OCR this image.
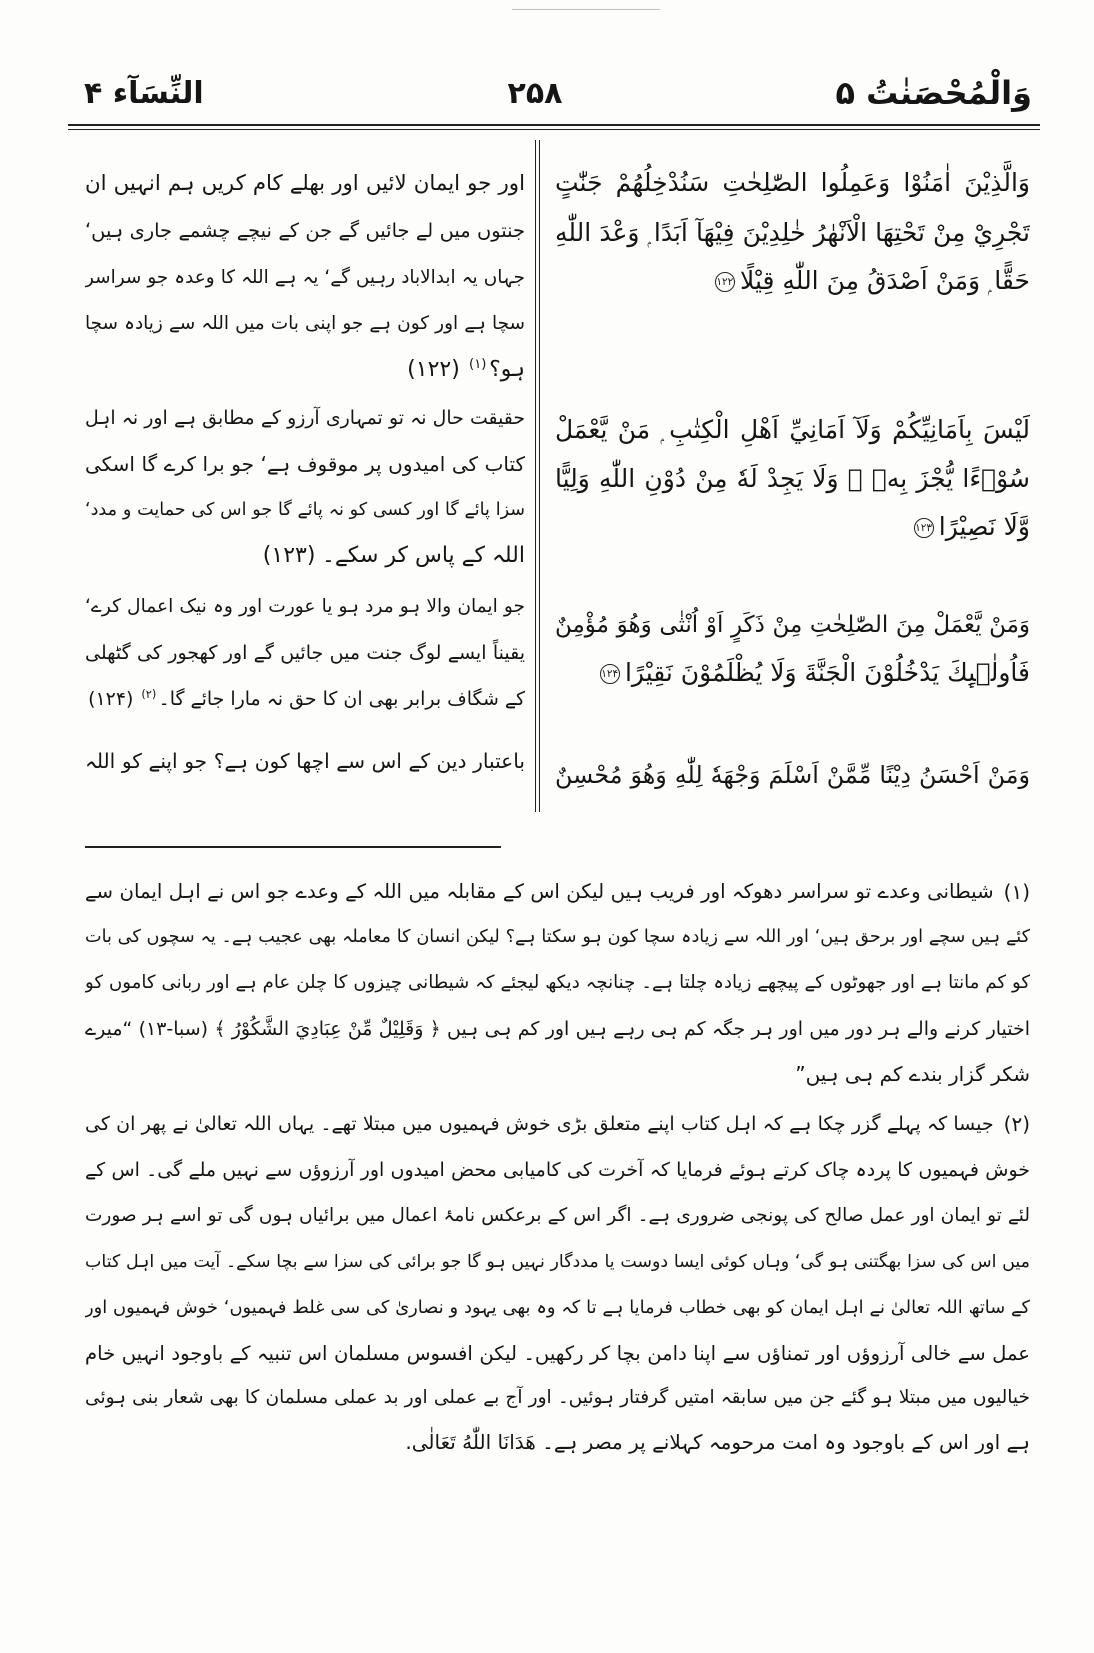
وَالْمُحْصَنٰتُ ۵
۲۵۸
النِّسَآء ۴
وَالَّذِيْنَ اٰمَنُوْا وَعَمِلُوا الصّٰلِحٰتِ سَنُدْخِلُهُمْ جَنّٰتٍ
تَجْرِيْ مِنْ تَحْتِهَا الْاَنْهٰرُ خٰلِدِيْنَ فِيْهَآ اَبَدًا ۭ وَعْدَ اللّٰهِ
حَقًّا ۭ وَمَنْ اَصْدَقُ مِنَ اللّٰهِ قِيْلًا۱۲۲
اور جو ایمان لائیں اور بھلے کام کریں ہم انہیں ان
جنتوں میں لے جائیں گے جن کے نیچے چشمے جاری ہیں‘
جہاں یہ ابدالاباد رہیں گے‘ یہ ہے اللہ کا وعدہ جو سراسر
سچا ہے اور کون ہے جو اپنی بات میں اللہ سے زیادہ سچا
ہو؟$^{(۱)}$(۱۲۲)
لَيْسَ بِاَمَانِيِّكُمْ وَلَآ اَمَانِيِّ اَهْلِ الْكِتٰبِ ۭ مَنْ يَّعْمَلْ
سُوْۗءًا يُّجْزَ بِهٖ ۙ وَلَا يَجِدْ لَهٗ مِنْ دُوْنِ اللّٰهِ وَلِيًّا
وَّلَا نَصِيْرًا۱۲۳
حقیقت حال نہ تو تمہاری آرزو کے مطابق ہے اور نہ اہل
کتاب کی امیدوں پر موقوف ہے‘ جو برا کرے گا اسکی
سزا پائے گا اور کسی کو نہ پائے گا جو اس کی حمایت و مدد‘
اللہ کے پاس کر سکے۔(۱۲۳)
وَمَنْ يَّعْمَلْ مِنَ الصّٰلِحٰتِ مِنْ ذَكَرٍ اَوْ اُنْثٰى وَھُوَ مُؤْمِنٌ
فَاُولٰۗىِٕكَ يَدْخُلُوْنَ الْجَنَّةَ وَلَا يُظْلَمُوْنَ نَقِيْرًا۱۲۴
جو ایمان والا ہو مرد ہو یا عورت اور وہ نیک اعمال کرے‘
یقیناً ایسے لوگ جنت میں جائیں گے اور کھجور کی گٹھلی
کے شگاف برابر بھی ان کا حق نہ مارا جائے گا۔$^{(۲)}$(۱۲۴)
وَمَنْ اَحْسَنُ دِيْنًا مِّمَّنْ اَسْلَمَ وَجْهَهٗ لِلّٰهِ وَھُوَ مُحْسِنٌ
باعتبار دین کے اس سے اچھا کون ہے؟ جو اپنے کو اللہ
(۱)
شیطانی وعدے تو سراسر دھوکہ اور فریب ہیں لیکن اس کے مقابلہ میں اللہ کے وعدے جو اس نے اہل ایمان سے
کئے ہیں سچے اور برحق ہیں‘ اور اللہ سے زیادہ سچا کون ہو سکتا ہے؟ لیکن انسان کا معاملہ بھی عجیب ہے۔ یہ سچوں کی بات
کو کم مانتا ہے اور جھوٹوں کے پیچھے زیادہ چلتا ہے۔ چنانچہ دیکھ لیجئے کہ شیطانی چیزوں کا چلن عام ہے اور ربانی کاموں کو
اختیار کرنے والے ہر دور میں اور ہر جگہ کم ہی رہے ہیں اور کم ہی ہیں ﴿ وَقَلِيْلٌ مِّنْ عِبَادِيَ الشَّكُوْرُ ﴾ (سبا-۱۳) “میرے
شکر گزار بندے کم ہی ہیں”
(۲)
جیسا کہ پہلے گزر چکا ہے کہ اہل کتاب اپنے متعلق بڑی خوش فہمیوں میں مبتلا تھے۔ یہاں اللہ تعالیٰ نے پھر ان کی
خوش فہمیوں کا پردہ چاک کرتے ہوئے فرمایا کہ آخرت کی کامیابی محض امیدوں اور آرزوؤں سے نہیں ملے گی۔ اس کے
لئے تو ایمان اور عمل صالح کی پونجی ضروری ہے۔ اگر اس کے برعکس نامۂ اعمال میں برائیاں ہوں گی تو اسے ہر صورت
میں اس کی سزا بھگتنی ہو گی‘ وہاں کوئی ایسا دوست یا مددگار نہیں ہو گا جو برائی کی سزا سے بچا سکے۔ آیت میں اہل کتاب
کے ساتھ اللہ تعالیٰ نے اہل ایمان کو بھی خطاب فرمایا ہے تا کہ وہ بھی یہود و نصاریٰ کی سی غلط فہمیوں‘ خوش فہمیوں اور
عمل سے خالی آرزوؤں اور تمناؤں سے اپنا دامن بچا کر رکھیں۔ لیکن افسوس مسلمان اس تنبیہ کے باوجود انہیں خام
خیالیوں میں مبتلا ہو گئے جن میں سابقہ امتیں گرفتار ہوئیں۔ اور آج بے عملی اور بد عملی مسلمان کا بھی شعار بنی ہوئی
ہے اور اس کے باوجود وہ امت مرحومہ کہلانے پر مصر ہے۔ هَدَانَا اللّٰهُ تَعَالٰى.
